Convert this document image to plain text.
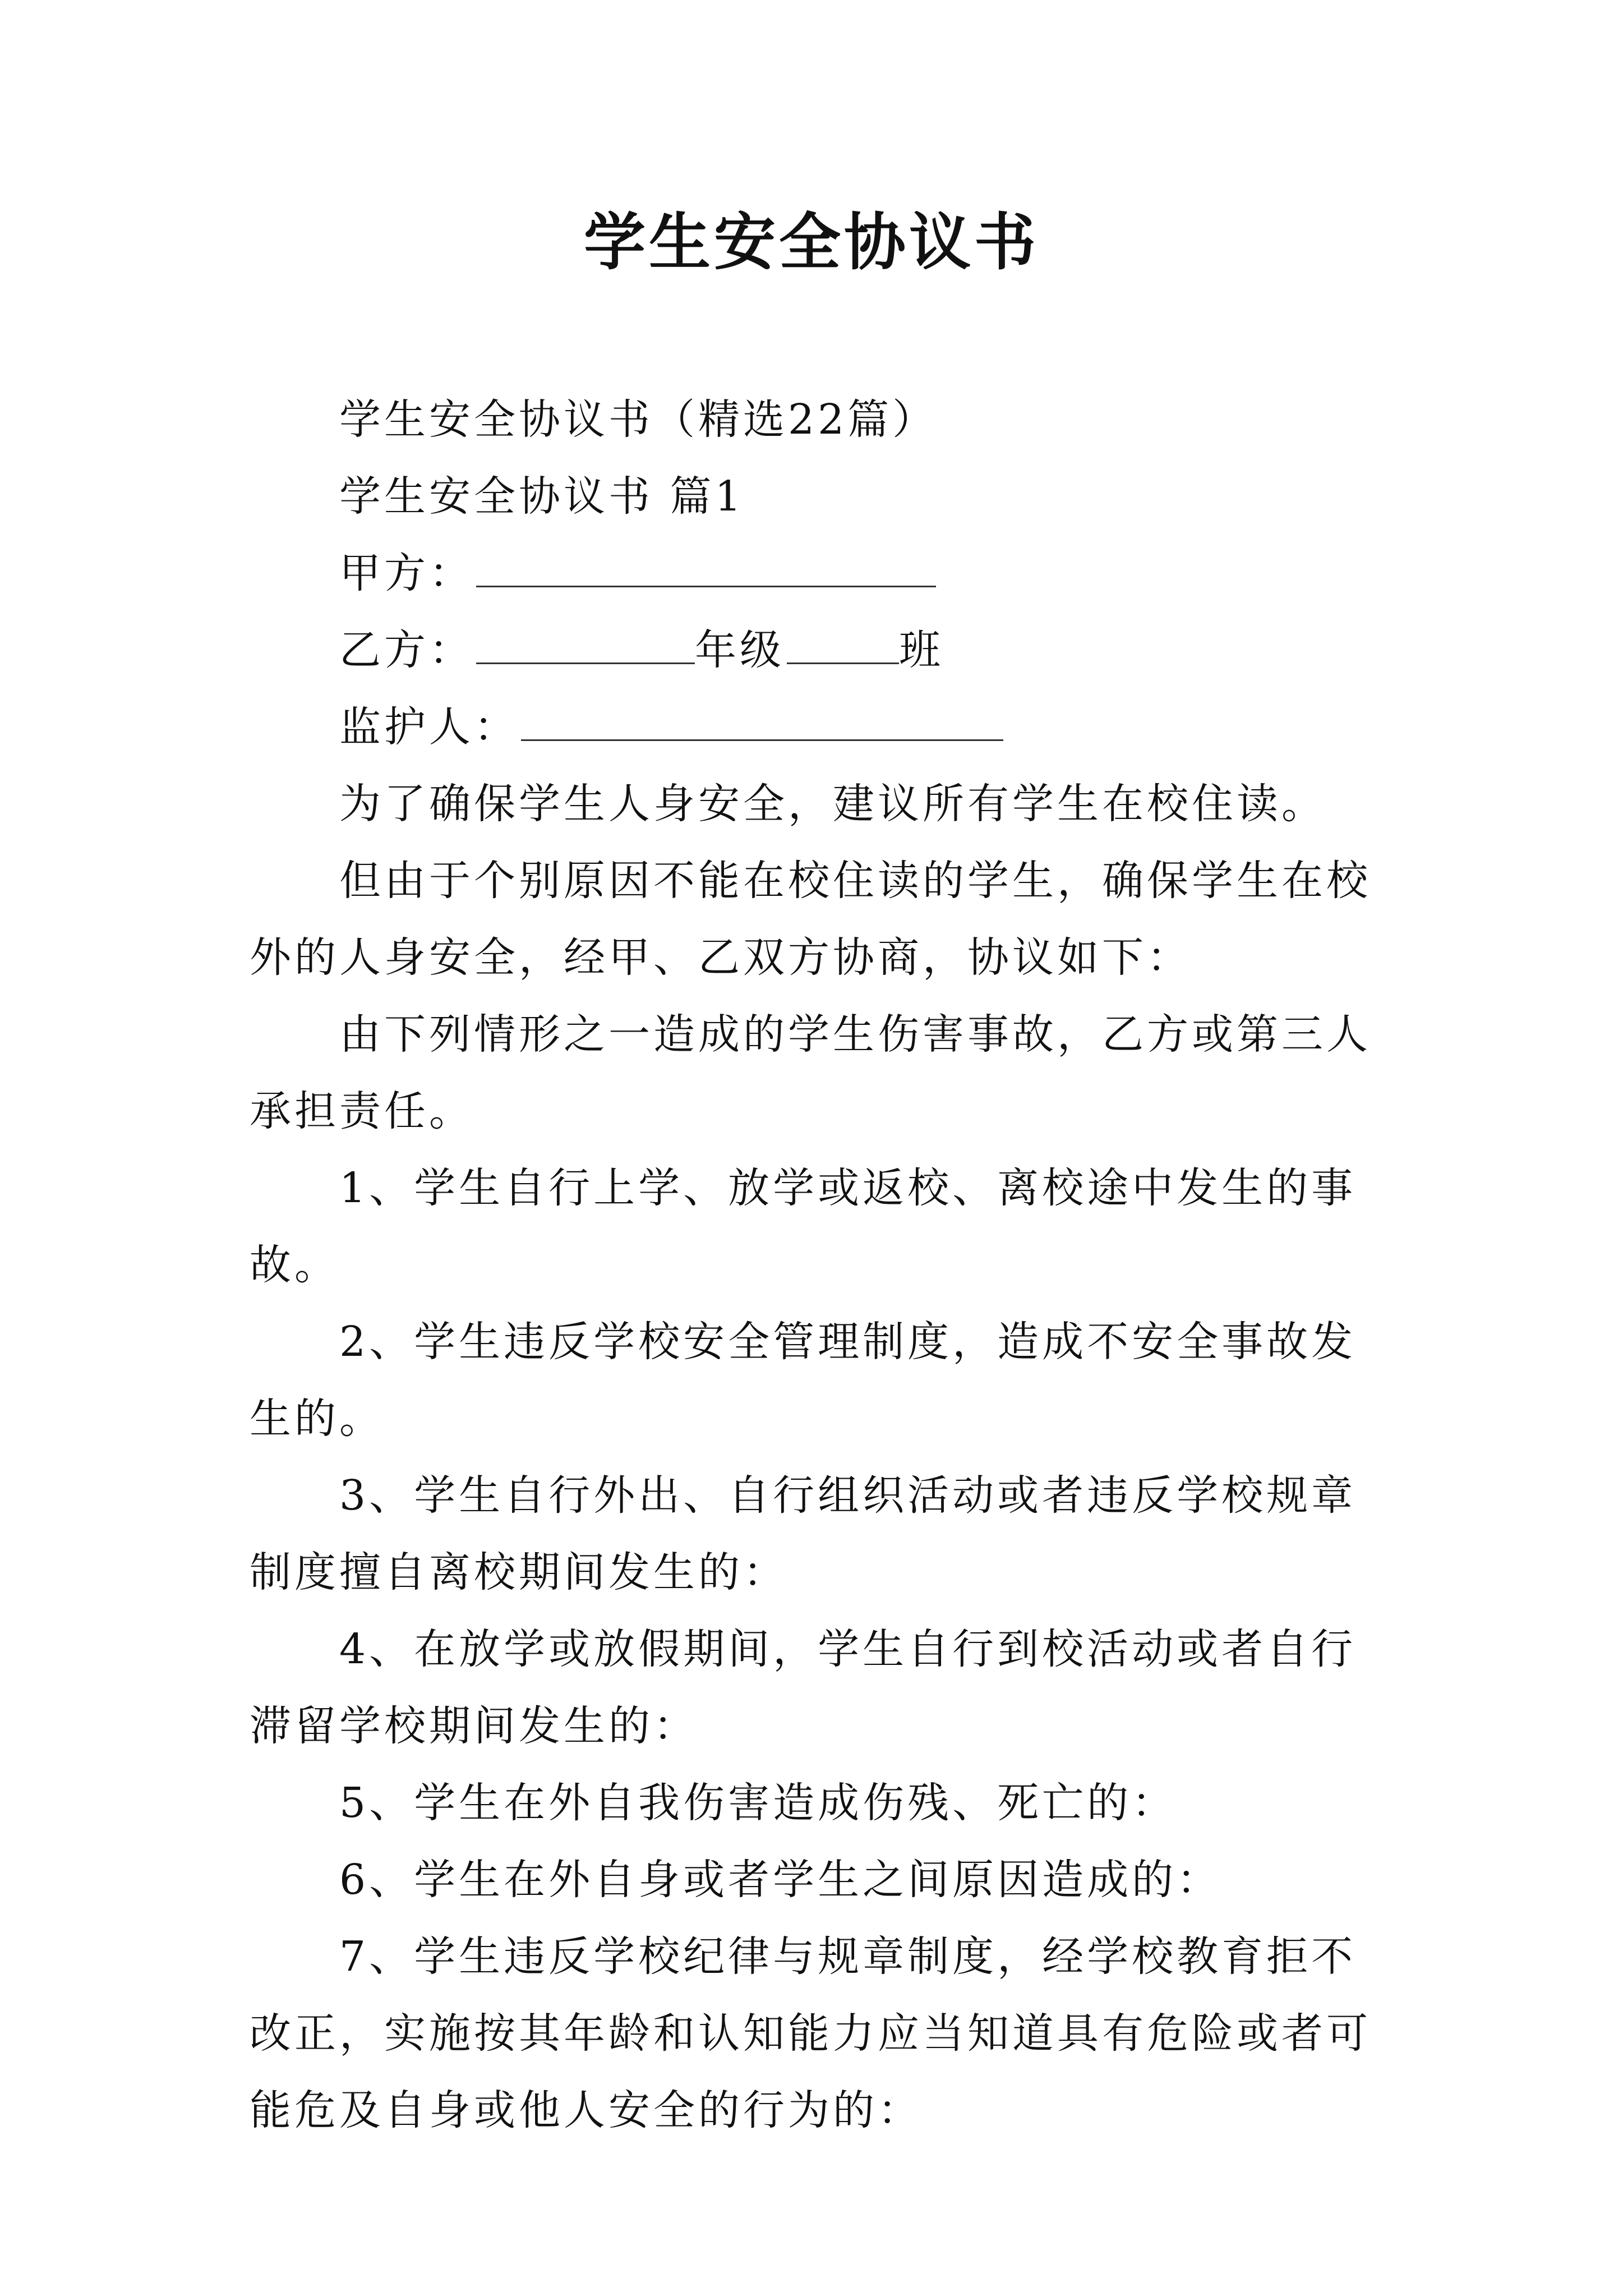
学生安全协议书

学生安全协议书（精选22篇）

学生安全协议书 篇1

甲方：

乙方：	年级	班

监护人：

为了确保学生人身安全，建议所有学生在校住读。

但由于个别原因不能在校住读的学生，确保学生在校外的人身安全，经甲、乙双方协商，协议如下：

由下列情形之一造成的学生伤害事故，乙方或第三人承担责任。

1、学生自行上学、放学或返校、离校途中发生的事故。

2、学生违反学校安全管理制度，造成不安全事故发生的。

3、学生自行外出、自行组织活动或者违反学校规章制度擅自离校期间发生的：

4、在放学或放假期间，学生自行到校活动或者自行滞留学校期间发生的：

5、学生在外自我伤害造成伤残、死亡的：

6、学生在外自身或者学生之间原因造成的：

7、学生违反学校纪律与规章制度，经学校教育拒不改正，实施按其年龄和认知能力应当知道具有危险或者可能危及自身或他人安全的行为的：
